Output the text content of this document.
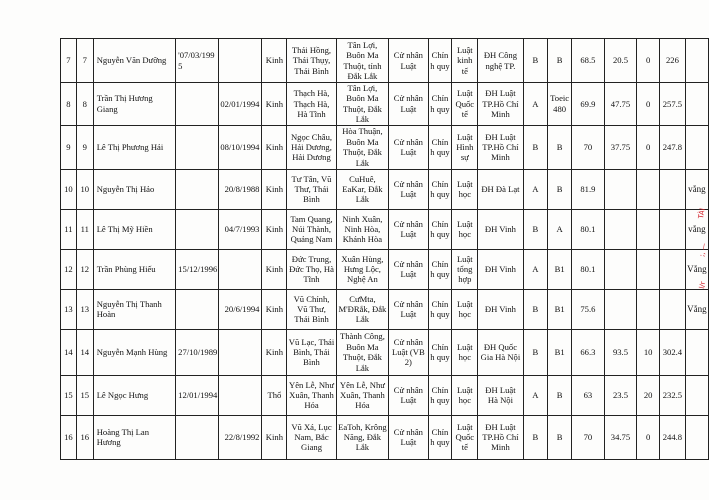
7	7	Nguyễn Văn Dưỡng	'07/03/199 5		Kinh	Thái Hồng, Thái Thụy, Thái Bình	Tân Lợi, Buôn Ma Thuột, tỉnh Đắk Lắk	Cử nhân Luật	Chín h quy	Luật kinh tế	ĐH Công nghệ TP.	B	B	68.5	20.5	0	226	
8	8	Trần Thị Hương Giang		02/01/1994	Kinh	Thạch Hà, Thạch Hà, Hà Tĩnh	Tân Lợi, Buôn Ma Thuột, Đắk Lắk	Cử nhân Luật	Chín h quy	Luật Quốc tế	ĐH Luật TP.Hồ Chí Minh	A	Toeic 480	69.9	47.75	0	257.5	
9	9	Lê Thị Phương Hải		08/10/1994	Kinh	Ngọc Châu, Hải Dương, Hải Dương	Hòa Thuận, Buôn Ma Thuột, Đắk Lắk	Cử nhân Luật	Chín h quy	Luật Hình sự	ĐH Luật TP.Hồ Chí Minh	B	B	70	37.75	0	247.8	
10	10	Nguyễn Thị Hảo		20/8/1988	Kinh	Tư Tân, Vũ Thư, Thái Bình	CuHuê, EaKar, Đắk Lắk	Cử nhân Luật	Chín h quy	Luật học	ĐH Đà Lạt	A	B	81.9				vắng
11	11	Lê Thị Mỹ Hiền		04/7/1993	Kinh	Tam Quang, Núi Thành, Quảng Nam	Ninh Xuân, Ninh Hòa, Khánh Hòa	Cử nhân Luật	Chín h quy	Luật học	ĐH Vinh	B	A	80.1				vắng
12	12	Trần Phùng Hiếu	15/12/1996		Kinh	Đức Trung, Đức Thọ, Hà Tĩnh	Xuân Hùng, Hưng Lộc, Nghệ An	Cử nhân Luật	Chín h quy	Luật tổng hợp	ĐH Vinh	A	B1	80.1				Vắng
13	13	Nguyễn Thị Thanh Hoàn		20/6/1994	Kinh	Vũ Chính, Vũ Thư, Thái Bình	CưMta, M'ĐRắk, Đắk Lắk	Cử nhân Luật	Chín h quy	Luật học	ĐH Vinh	B	B1	75.6				Vắng
14	14	Nguyễn Mạnh Hùng	27/10/1989		Kinh	Vũ Lạc, Thái Bình, Thái Bình	Thành Công, Buôn Ma Thuột, Đắk Lắk	Cử nhân Luật (VB 2)	Chín h quy	Luật học	ĐH Quốc Gia Hà Nội	B	B1	66.3	93.5	10	302.4	
15	15	Lê Ngọc Hưng	12/01/1994		Thổ	Yên Lễ, Như Xuân, Thanh Hóa	Yên Lễ, Như Xuân, Thanh Hóa	Cử nhân Luật	Chín h quy	Luật học	ĐH Luật Hà Nội	A	B	63	23.5	20	232.5	
16	16	Hoàng Thị Lan Hương		22/8/1992	Kinh	Vũ Xá, Lục Nam, Bắc Giang	EaToh, Krông Năng, Đắk Lắk	Cử nhân Luật	Chín h quy	Luật Quốc tế	ĐH Luật TP.Hồ Chí Minh	B	B	70	34.75	0	244.8	
TÀI
;, —
l/r
